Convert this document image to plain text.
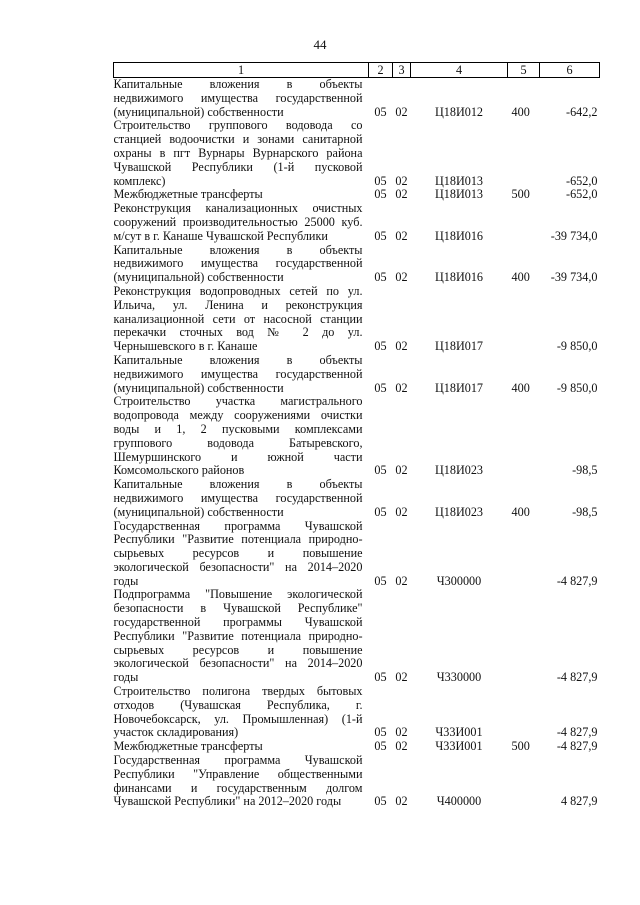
44
1	2	3	4	5	6
Капитальные вложения в объекты недвижимого имущества государственной (муниципальной) собственности	05	02	Ц18И012	400	-642,2
Строительство группового водовода со станцией водоочистки и зонами санитарной охраны в пгт Вурнары Вурнарского района Чувашской Республики (1-й пусковой комплекс)	05	02	Ц18И013		-652,0
Межбюджетные трансферты	05	02	Ц18И013	500	-652,0
Реконструкция канализационных очистных сооружений производительностью 25000 куб. м/сут в г. Канаше Чувашской Республики	05	02	Ц18И016		-39 734,0
Капитальные вложения в объекты недвижимого имущества государственной (муниципальной) собственности	05	02	Ц18И016	400	-39 734,0
Реконструкция водопроводных сетей по ул. Ильича, ул. Ленина и реконструкция канализационной сети от насосной станции перекачки сточных вод № 2 до ул. Чернышевского в г. Канаше	05	02	Ц18И017		-9 850,0
Капитальные вложения в объекты недвижимого имущества государственной (муниципальной) собственности	05	02	Ц18И017	400	-9 850,0
Строительство участка магистрального водопровода между сооружениями очистки воды и 1, 2 пусковыми комплексами группового водовода Батыревского, Шемуршинского и южной части Комсомольского районов	05	02	Ц18И023		-98,5
Капитальные вложения в объекты недвижимого имущества государственной (муниципальной) собственности	05	02	Ц18И023	400	-98,5
Государственная программа Чувашской Республики "Развитие потенциала природно-сырьевых ресурсов и повышение экологической безопасности" на 2014–2020 годы	05	02	Ч300000		-4 827,9
Подпрограмма "Повышение экологической безопасности в Чувашской Республике" государственной программы Чувашской Республики "Развитие потенциала природно-сырьевых ресурсов и повышение экологической безопасности" на 2014–2020 годы	05	02	Ч330000		-4 827,9
Строительство полигона твердых бытовых отходов (Чувашская Республика, г. Новочебоксарск, ул. Промышленная) (1-й участок складирования)	05	02	Ч33И001		-4 827,9
Межбюджетные трансферты	05	02	Ч33И001	500	-4 827,9
Государственная программа Чувашской Республики "Управление общественными финансами и государственным долгом Чувашской Республики" на 2012–2020 годы	05	02	Ч400000		4 827,9
